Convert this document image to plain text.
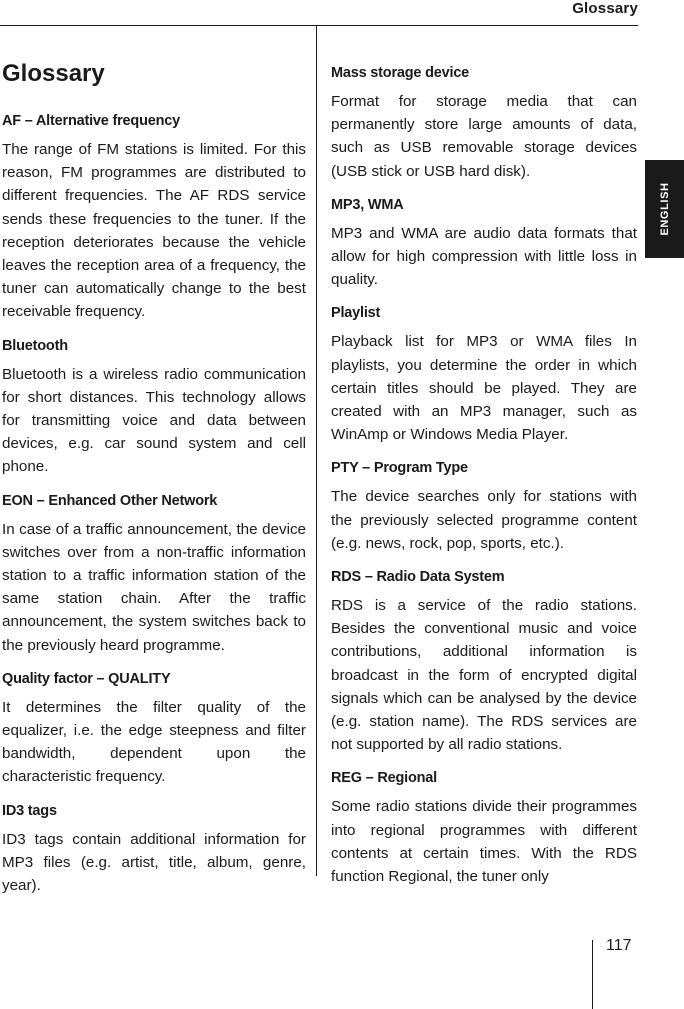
Glossary
ENGLISH
Glossary

AF – Alternative frequency

The range of FM stations is limited. For this reason, FM programmes are distributed to different frequencies. The AF RDS service sends these frequencies to the tuner. If the reception deteriorates because the vehicle leaves the reception area of a frequency, the tuner can automatically change to the best receivable frequency.

Bluetooth

Bluetooth is a wireless radio communication for short distances. This technology allows for transmitting voice and data between devices, e.g. car sound system and cell phone.

EON – Enhanced Other Network

In case of a traffic announcement, the device switches over from a non-traffic information station to a traffic information station of the same station chain. After the traffic announcement, the system switches back to the previously heard programme.

Quality factor – QUALITY

It determines the filter quality of the equalizer, i.e. the edge steepness and filter bandwidth, dependent upon the characteristic frequency.

ID3 tags

ID3 tags contain additional information for MP3 files (e.g. artist, title, album, genre, year).

Mass storage device

Format for storage media that can permanently store large amounts of data, such as USB removable storage devices (USB stick or USB hard disk).

MP3, WMA

MP3 and WMA are audio data formats that allow for high compression with little loss in quality.

Playlist

Playback list for MP3 or WMA files In playlists, you determine the order in which certain titles should be played. They are created with an MP3 manager, such as WinAmp or Windows Media Player.

PTY – Program Type

The device searches only for stations with the previously selected programme content (e.g. news, rock, pop, sports, etc.).

RDS – Radio Data System

RDS is a service of the radio stations. Besides the conventional music and voice contributions, additional information is broadcast in the form of encrypted digital signals which can be analysed by the device (e.g. station name). The RDS services are not supported by all radio stations.

REG – Regional

Some radio stations divide their programmes into regional programmes with different contents at certain times. With the RDS function Regional, the tuner only

117
